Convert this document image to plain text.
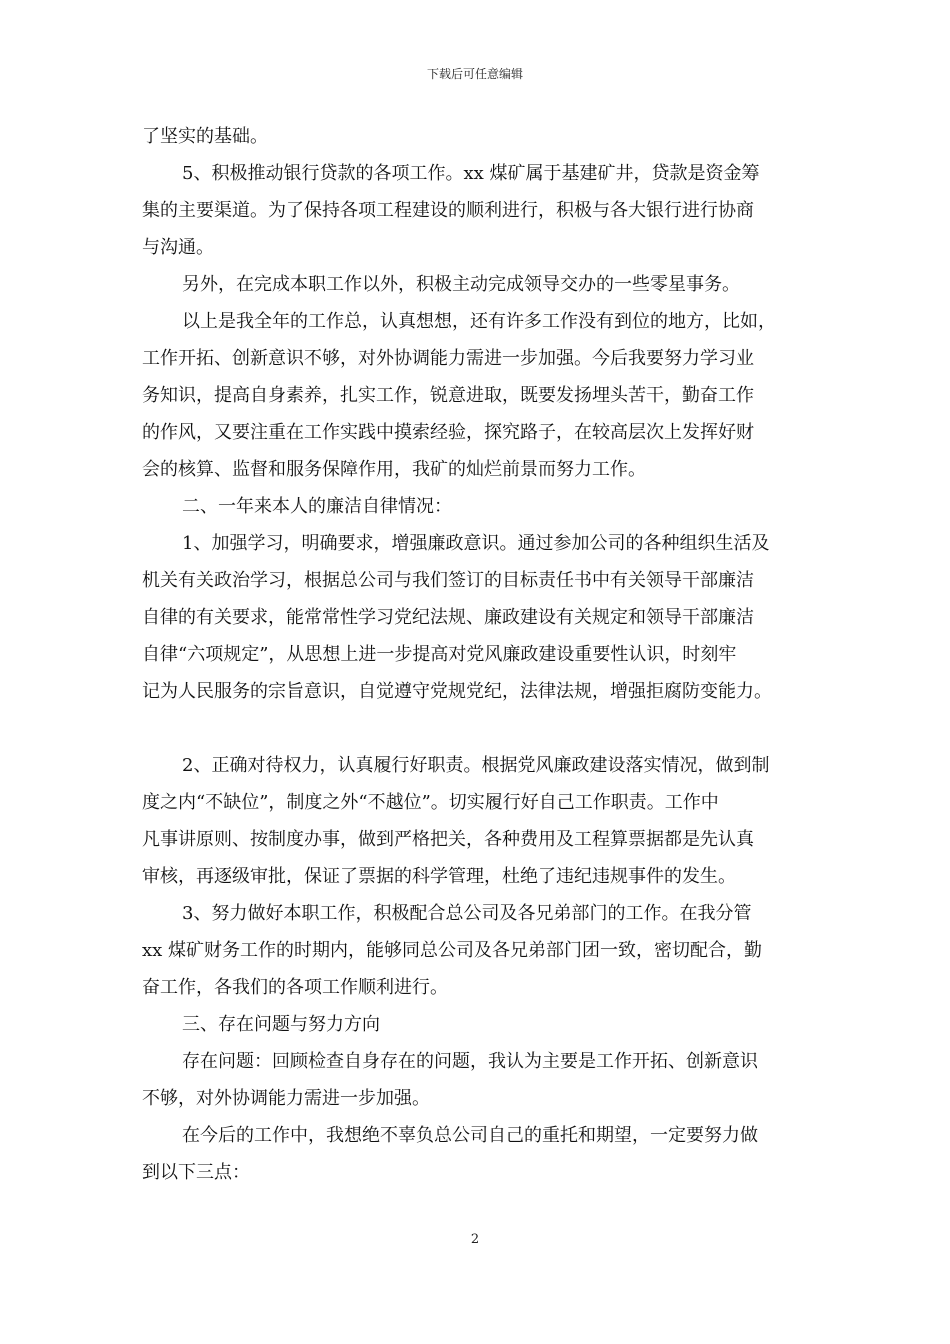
下载后可任意编辑
了坚实的基础。
5、积极推动银行贷款的各项工作。xx 煤矿属于基建矿井，贷款是资金筹
集的主要渠道。为了保持各项工程建设的顺利进行，积极与各大银行进行协商
与沟通。
另外，在完成本职工作以外，积极主动完成领导交办的一些零星事务。
以上是我全年的工作总，认真想想，还有许多工作没有到位的地方，比如，
工作开拓、创新意识不够，对外协调能力需进一步加强。今后我要努力学习业
务知识，提高自身素养，扎实工作，锐意进取，既要发扬埋头苦干，勤奋工作
的作风，又要注重在工作实践中摸索经验，探究路子，在较高层次上发挥好财
会的核算、监督和服务保障作用，我矿的灿烂前景而努力工作。
二、一年来本人的廉洁自律情况：
1、加强学习，明确要求，增强廉政意识。通过参加公司的各种组织生活及
机关有关政治学习，根据总公司与我们签订的目标责任书中有关领导干部廉洁
自律的有关要求，能常常性学习党纪法规、廉政建设有关规定和领导干部廉洁
自律“六项规定”，从思想上进一步提高对党风廉政建设重要性认识，时刻牢
记为人民服务的宗旨意识，自觉遵守党规党纪，法律法规，增强拒腐防变能力。
2、正确对待权力，认真履行好职责。根据党风廉政建设落实情况，做到制
度之内“不缺位”，制度之外“不越位”。切实履行好自己工作职责。工作中
凡事讲原则、按制度办事，做到严格把关，各种费用及工程算票据都是先认真
审核，再逐级审批，保证了票据的科学管理，杜绝了违纪违规事件的发生。
3、努力做好本职工作，积极配合总公司及各兄弟部门的工作。在我分管
xx 煤矿财务工作的时期内，能够同总公司及各兄弟部门团一致，密切配合，勤
奋工作，各我们的各项工作顺利进行。
三、存在问题与努力方向
存在问题：回顾检查自身存在的问题，我认为主要是工作开拓、创新意识
不够，对外协调能力需进一步加强。
在今后的工作中，我想绝不辜负总公司自己的重托和期望，一定要努力做
到以下三点：
2
